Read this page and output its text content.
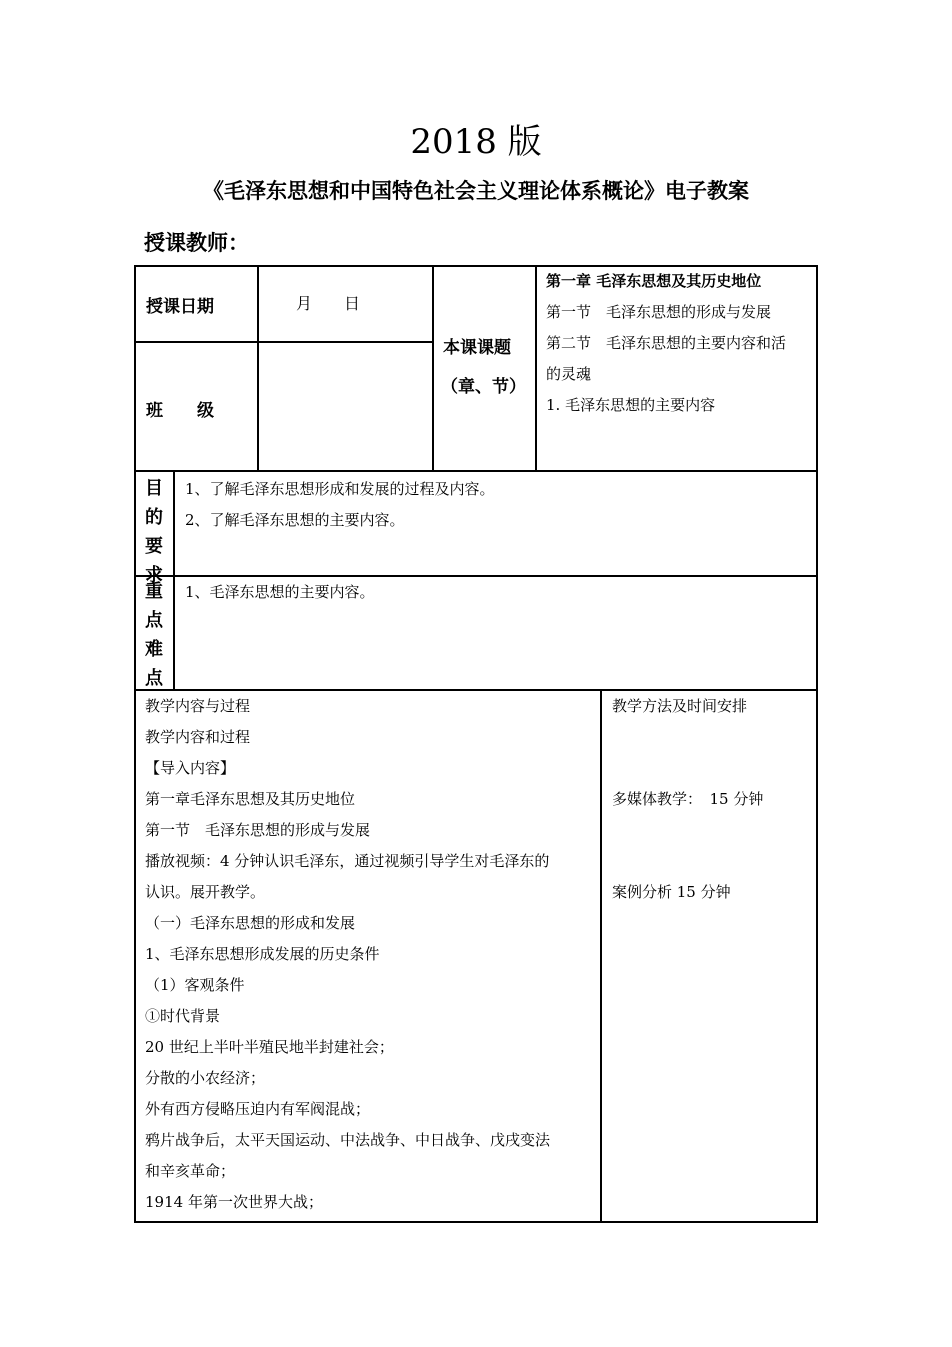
2018 版
《毛泽东思想和中国特色社会主义理论体系概论》电子教案
授课教师：
授课日期	月　　日
班　　级
本课课题
（章、节）
第一章 毛泽东思想及其历史地位
第一节　毛泽东思想的形成与发展
第二节　毛泽东思想的主要内容和活
的灵魂
1. 毛泽东思想的主要内容
目
的
要
求
1、了解毛泽东思想形成和发展的过程及内容。
2、了解毛泽东思想的主要内容。
重
点
难
点
1、毛泽东思想的主要内容。
教学内容与过程
教学内容和过程
【导入内容】
第一章毛泽东思想及其历史地位
第一节　毛泽东思想的形成与发展
播放视频：4 分钟认识毛泽东，通过视频引导学生对毛泽东的
认识。展开教学。
（一）毛泽东思想的形成和发展
1、毛泽东思想形成发展的历史条件
（1）客观条件
①时代背景
20 世纪上半叶半殖民地半封建社会；
分散的小农经济；
外有西方侵略压迫内有军阀混战；
鸦片战争后，太平天国运动、中法战争、中日战争、戊戌变法
和辛亥革命；
1914 年第一次世界大战；
教学方法及时间安排
多媒体教学：　15 分钟
案例分析 15 分钟
